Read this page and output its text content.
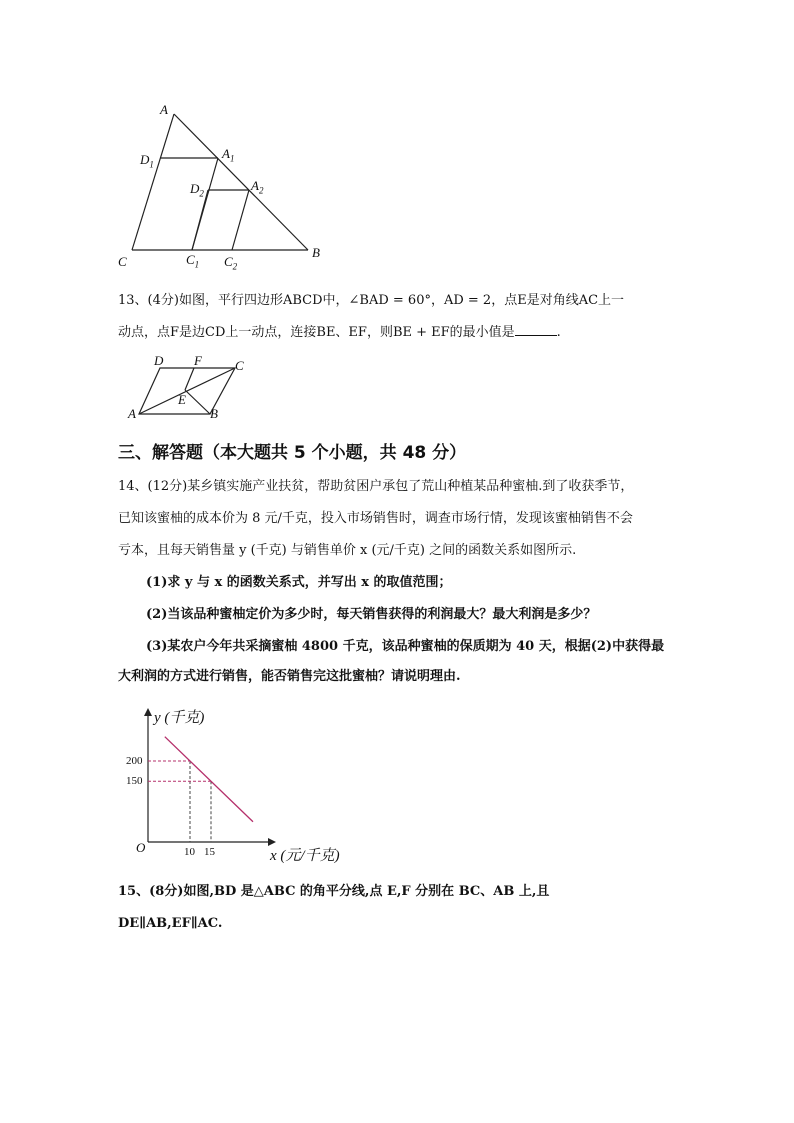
A
$A_1$
$D_1$
$D_2$
$A_2$
C	$C_1$ $C_2$
B
13、(4分)如图，平行四边形ABCD中，∠BAD = 60°，AD = 2，点E是对角线AC上一
动点，点F是边CD上一动点，连接BE、EF，则BE + EF的最小值是	.
D F	C
E
A	B
三、解答题（本大题共 5 个小题，共 48 分）
14、(12分)某乡镇实施产业扶贫，帮助贫困户承包了荒山种植某品种蜜柚.到了收获季节，
已知该蜜柚的成本价为 8 元/千克，投入市场销售时，调查市场行情，发现该蜜柚销售不会
亏本，且每天销售量 y (千克) 与销售单价 x (元/千克) 之间的函数关系如图所示.
(1)求 y 与 x 的函数关系式，并写出 x 的取值范围；
(2)当该品种蜜柚定价为多少时，每天销售获得的利润最大？最大利润是多少？
(3)某农户今年共采摘蜜柚 4800 千克，该品种蜜柚的保质期为 40 天，根据(2)中获得最
大利润的方式进行销售，能否销售完这批蜜柚？请说明理由.
y (千克)
x (元/千克)
O
200
150
10 15
15、(8分)如图,BD 是△ABC 的角平分线,点 E,F 分别在 BC、AB 上,且
DE∥AB,EF∥AC.
